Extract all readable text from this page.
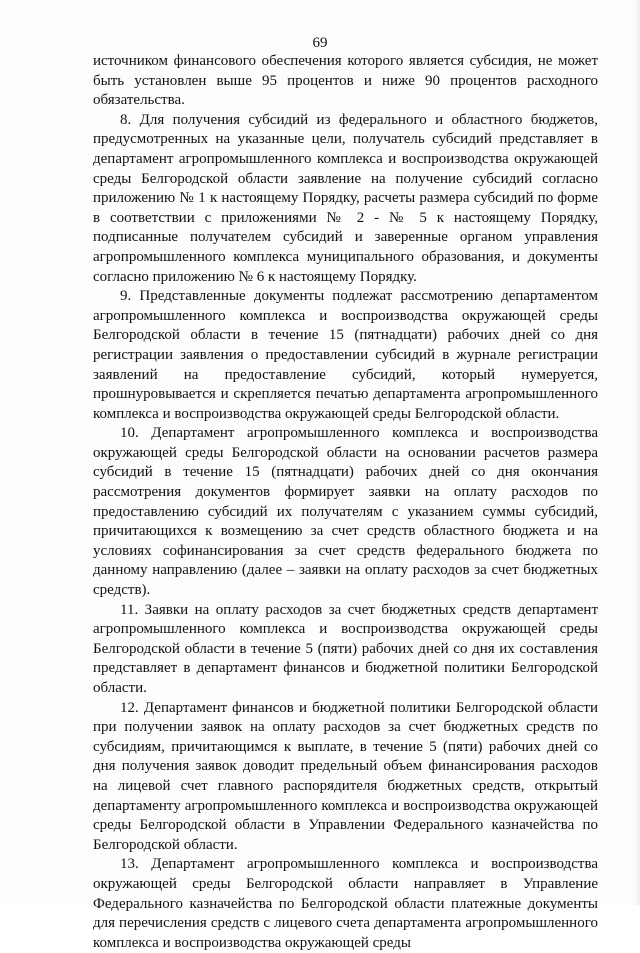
69

источником финансового обеспечения которого является субсидия, не может быть установлен выше 95 процентов и ниже 90 процентов расходного обязательства.

8. Для получения субсидий из федерального и областного бюджетов, предусмотренных на указанные цели, получатель субсидий представляет в департамент агропромышленного комплекса и воспроизводства окружающей среды Белгородской области заявление на получение субсидий согласно приложению № 1 к настоящему Порядку, расчеты размера субсидий по форме в соответствии с приложениями № 2 - № 5 к настоящему Порядку, подписанные получателем субсидий и заверенные органом управления агропромышленного комплекса муниципального образования, и документы согласно приложению № 6 к настоящему Порядку.

9. Представленные документы подлежат рассмотрению департаментом агропромышленного комплекса и воспроизводства окружающей среды Белгородской области в течение 15 (пятнадцати) рабочих дней со дня регистрации заявления о предоставлении субсидий в журнале регистрации заявлений на предоставление субсидий, который нумеруется, прошнуровывается и скрепляется печатью департамента агропромышленного комплекса и воспроизводства окружающей среды Белгородской области.

10. Департамент агропромышленного комплекса и воспроизводства окружающей среды Белгородской области на основании расчетов размера субсидий в течение 15 (пятнадцати) рабочих дней со дня окончания рассмотрения документов формирует заявки на оплату расходов по предоставлению субсидий их получателям с указанием суммы субсидий, причитающихся к возмещению за счет средств областного бюджета и на условиях софинансирования за счет средств федерального бюджета по данному направлению (далее – заявки на оплату расходов за счет бюджетных средств).

11. Заявки на оплату расходов за счет бюджетных средств департамент агропромышленного комплекса и воспроизводства окружающей среды Белгородской области в течение 5 (пяти) рабочих дней со дня их составления представляет в департамент финансов и бюджетной политики Белгородской области.

12. Департамент финансов и бюджетной политики Белгородской области при получении заявок на оплату расходов за счет бюджетных средств по субсидиям, причитающимся к выплате, в течение 5 (пяти) рабочих дней со дня получения заявок доводит предельный объем финансирования расходов на лицевой счет главного распорядителя бюджетных средств, открытый департаменту агропромышленного комплекса и воспроизводства окружающей среды Белгородской области в Управлении Федерального казначейства по Белгородской области.

13. Департамент агропромышленного комплекса и воспроизводства окружающей среды Белгородской области направляет в Управление Федерального казначейства по Белгородской области платежные документы для перечисления средств с лицевого счета департамента агропромышленного комплекса и воспроизводства окружающей среды
